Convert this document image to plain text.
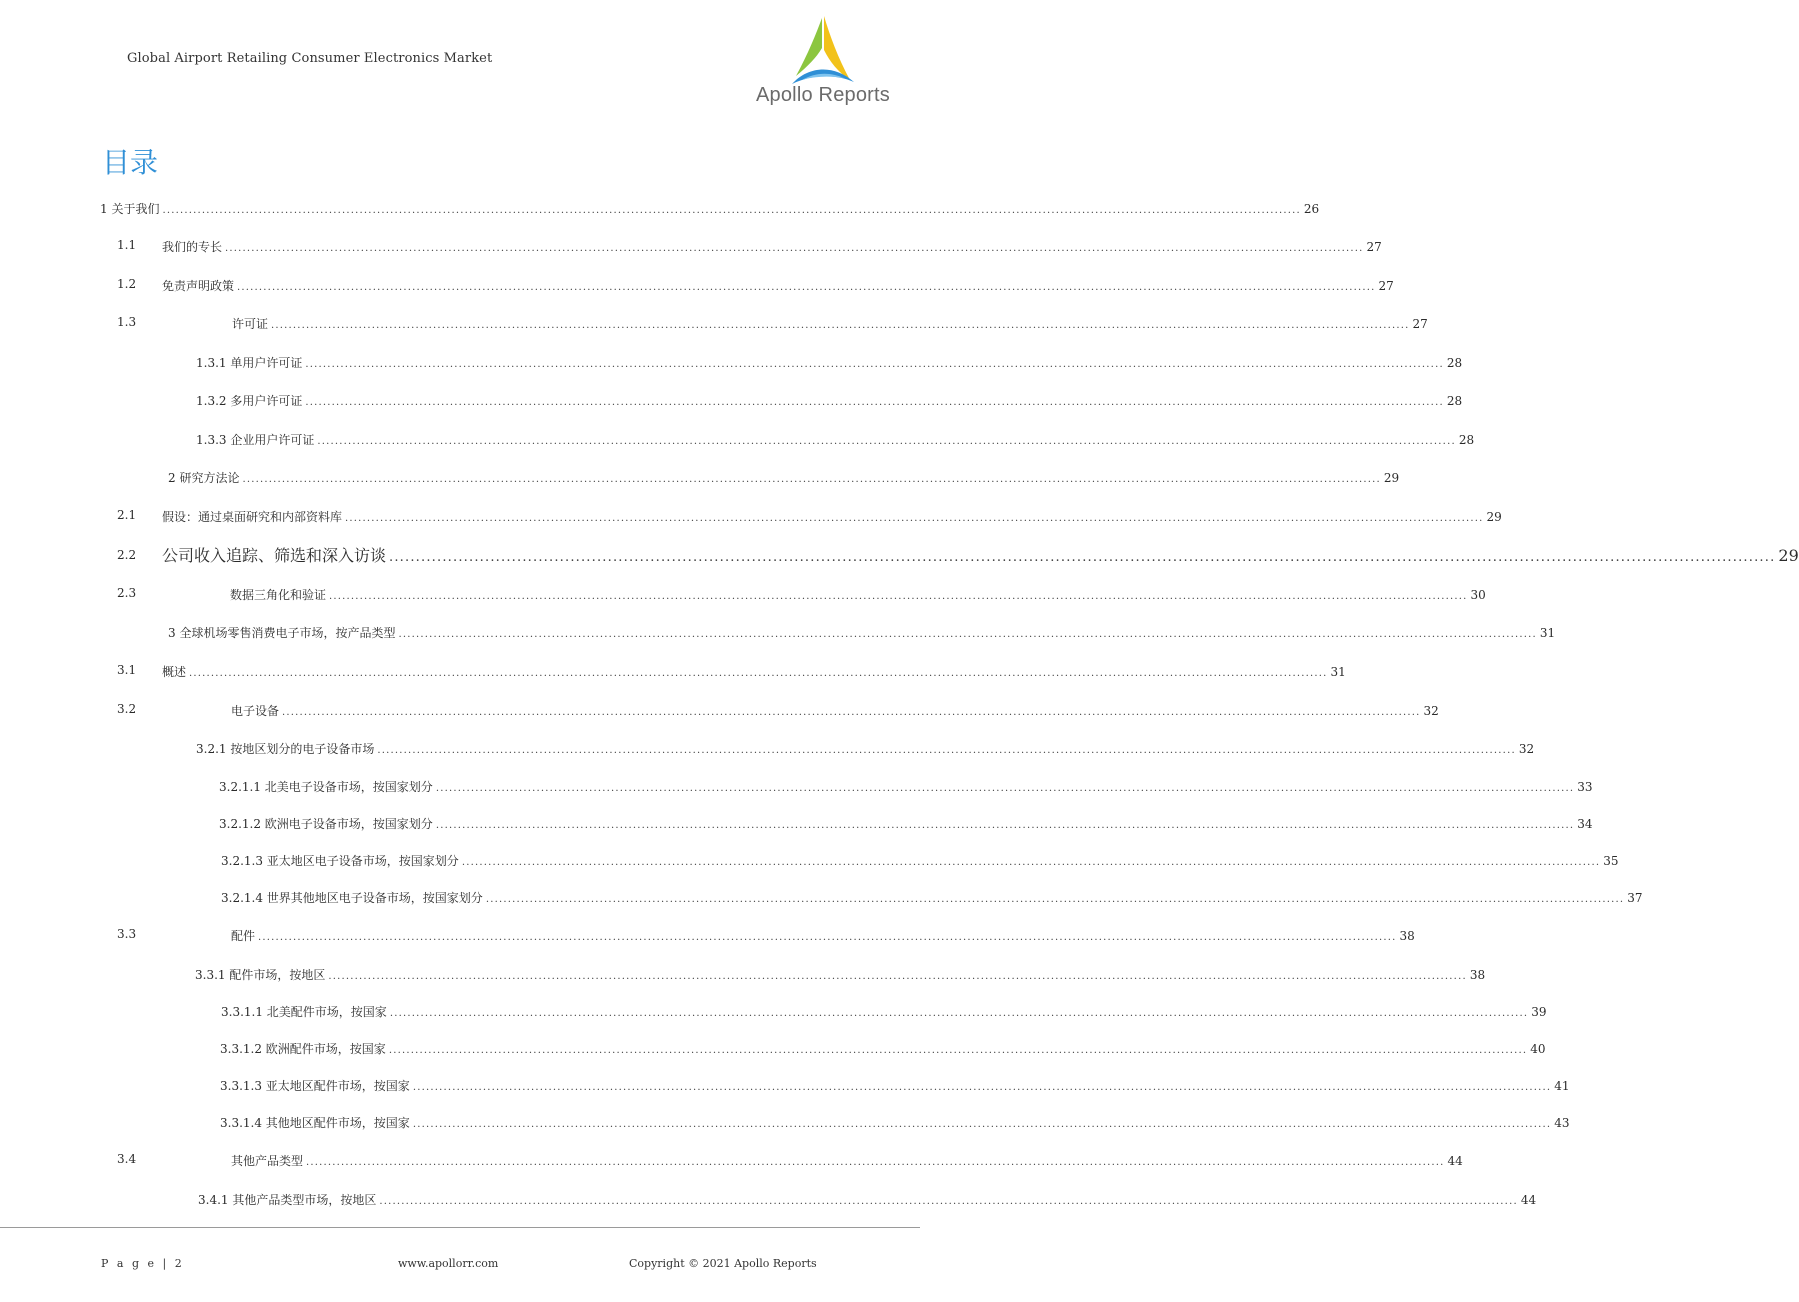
Global Airport Retailing Consumer Electronics Market
Apollo Reports
目录
1 关于我们 .................................................................................................................................................................................................................................................................... 26
1.1 我们的专长 .................................................................................................................................................................................................................................................................... 27
1.2 免责声明政策 .................................................................................................................................................................................................................................................................... 27
1.3	许可证 .................................................................................................................................................................................................................................................................... 27
1.3.1 单用户许可证 .................................................................................................................................................................................................................................................................... 28
1.3.2 多用户许可证 .................................................................................................................................................................................................................................................................... 28
1.3.3 企业用户许可证 .................................................................................................................................................................................................................................................................... 28
2 研究方法论 .................................................................................................................................................................................................................................................................... 29
2.1 假设：通过桌面研究和内部资料库 .................................................................................................................................................................................................................................................................... 29
2.2 公司收入追踪、筛选和深入访谈 .................................................................................................................................................................................................................................................................... 29
2.3	数据三角化和验证 .................................................................................................................................................................................................................................................................... 30
3 全球机场零售消费电子市场，按产品类型 .................................................................................................................................................................................................................................................................... 31
3.1 概述 .................................................................................................................................................................................................................................................................... 31
3.2	电子设备 .................................................................................................................................................................................................................................................................... 32
3.2.1 按地区划分的电子设备市场 .................................................................................................................................................................................................................................................................... 32
3.2.1.1 北美电子设备市场，按国家划分 .................................................................................................................................................................................................................................................................... 33
3.2.1.2 欧洲电子设备市场，按国家划分 .................................................................................................................................................................................................................................................................... 34
3.2.1.3 亚太地区电子设备市场，按国家划分 .................................................................................................................................................................................................................................................................... 35
3.2.1.4 世界其他地区电子设备市场，按国家划分 .................................................................................................................................................................................................................................................................... 37
3.3	配件 .................................................................................................................................................................................................................................................................... 38
3.3.1 配件市场，按地区 .................................................................................................................................................................................................................................................................... 38
3.3.1.1 北美配件市场，按国家 .................................................................................................................................................................................................................................................................... 39
3.3.1.2 欧洲配件市场，按国家 .................................................................................................................................................................................................................................................................... 40
3.3.1.3 亚太地区配件市场，按国家 .................................................................................................................................................................................................................................................................... 41
3.3.1.4 其他地区配件市场，按国家 .................................................................................................................................................................................................................................................................... 43
3.4	其他产品类型 .................................................................................................................................................................................................................................................................... 44
3.4.1 其他产品类型市场，按地区 .................................................................................................................................................................................................................................................................... 44
P a g e | 2	www.apollorr.com	Copyright © 2021 Apollo Reports
